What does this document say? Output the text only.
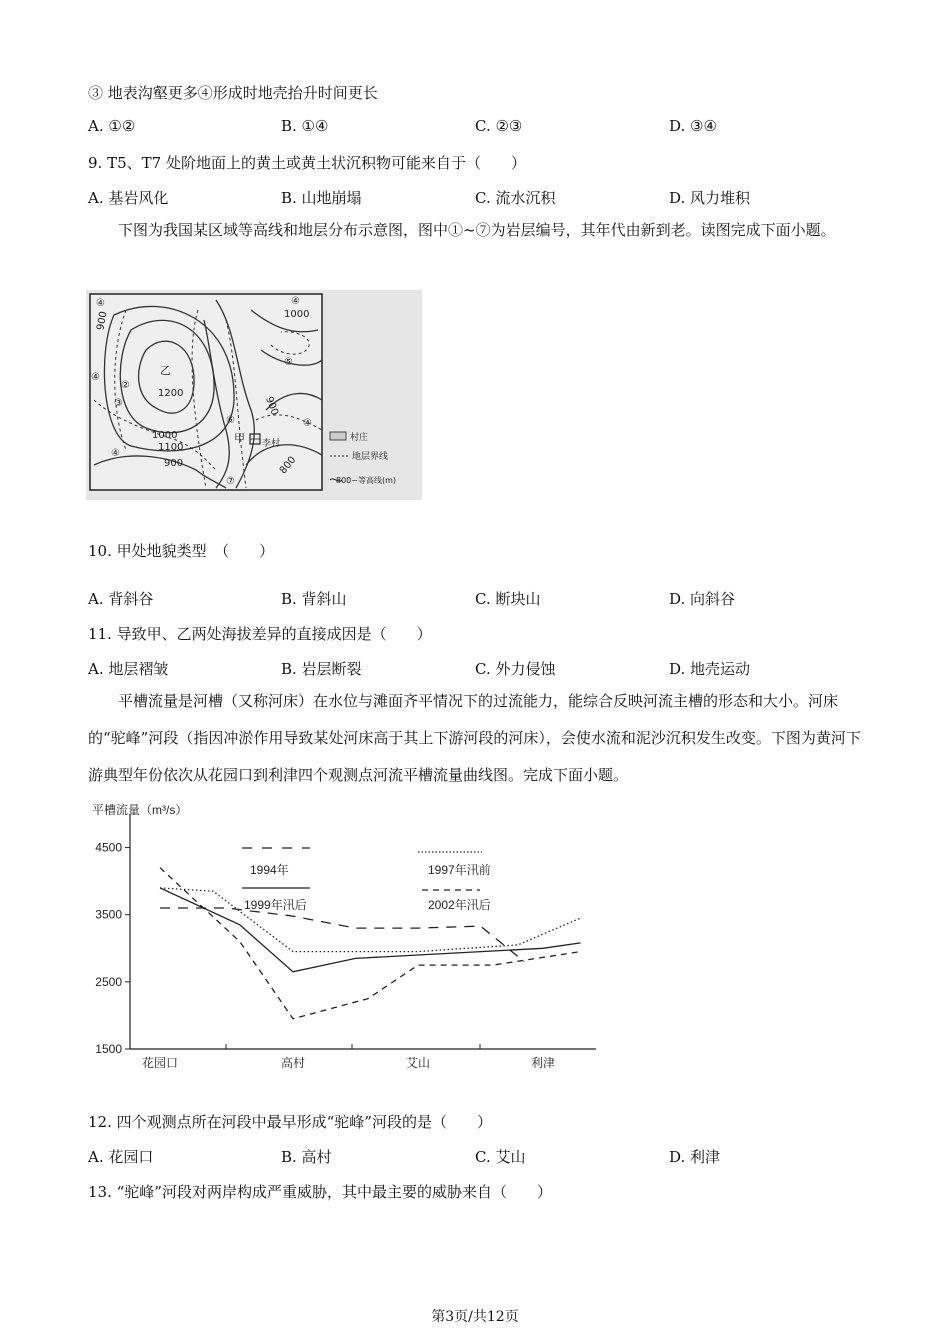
③ 地表沟壑更多④形成时地壳抬升时间更长
A. ①②	B. ①④	C. ②③	D. ③④
9. T5、T7 处阶地面上的黄土或黄土状沉积物可能来自于（　　）
A. 基岩风化	B. 山地崩塌	C. 流水沉积	D. 风力堆积

下图为我国某区域等高线和地层分布示意图，图中①~⑦为岩层编号，其年代由新到老。读图完成下面小题。

900
1200
1100
1000
900
1000
900
800
②
③
④
④	④
⑤
⑥
⑦
④
④
乙
甲 李村
村庄
地层界线
800~等高线(m)
10. 甲处地貌类型　（　　）
A. 背斜谷	B. 背斜山	C. 断块山	D. 向斜谷
11. 导致甲、乙两处海拔差异的直接成因是（　　）
A. 地层褶皱	B. 岩层断裂	C. 外力侵蚀	D. 地壳运动

平槽流量是河槽（又称河床）在水位与滩面齐平情况下的过流能力，能综合反映河流主槽的形态和大小。河床的“驼峰”河段（指因冲淤作用导致某处河床高于其上下游河段的河床），会使水流和泥沙沉积发生改变。下图为黄河下游典型年份依次从花园口到利津四个观测点河流平槽流量曲线图。完成下面小题。

平槽流量（m³/s）
4500
3500
2500
1500
花园口	高村	艾山	利津
1994年	1997年汛前
1999年汛后	2002年汛后
12. 四个观测点所在河段中最早形成“驼峰”河段的是（　　）
A. 花园口	B. 高村	C. 艾山	D. 利津
13. “驼峰”河段对两岸构成严重威胁，其中最主要的威胁来自（　　）
第3页/共12页
